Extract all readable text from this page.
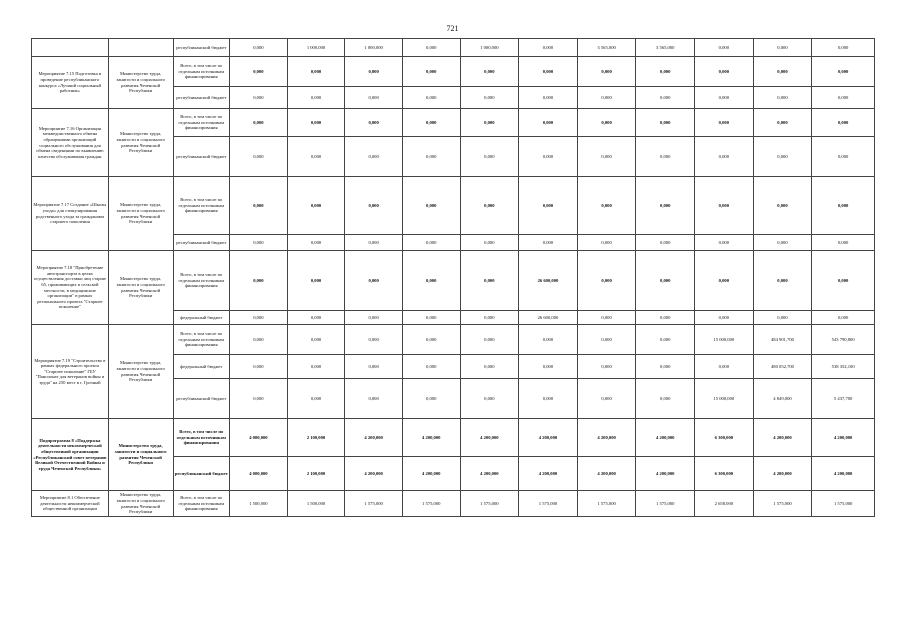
721
		республиканский бюджет	0,000	1 000,000	1 000,000	0,000	1 000,000	0,000	3 565,000	3 565,000	0,000	0,000	0,000
Мероприятие 7.15 Подготовка и проведение республиканского конкурса «Лучший социальный работник»	Министерство труда, занятости и социального развития Чеченской Республики	Всего, в том числе по отдельным источникам финансирования	0,000	0,000	0,000	0,000	0,000	0,000	0,000	0,000	0,000	0,000	0,000
		республиканский бюджет	0,000	0,000	0,000	0,000	0,000	0,000	0,000	0,000	0,000	0,000	0,000
Мероприятие 7.16 Организация межведомственного обмена обращениями организаций социального обслуживания для обмена сведениями по выявлению качества обслуживания граждан	Министерство труда, занятости и социального развития Чеченской Республики	Всего, в том числе по отдельным источникам финансирования	0,000	0,000	0,000	0,000	0,000	0,000	0,000	0,000	0,000	0,000	0,000
		республиканский бюджет	0,000	0,000	0,000	0,000	0,000	0,000	0,000	0,000	0,000	0,000	0,000
Мероприятие 7.17 Создание «Школы ухода» для стимулирования родственного ухода за гражданами старшего поколения	Министерство труда, занятости и социального развития Чеченской Республики	Всего, в том числе по отдельным источникам финансирования	0,000	0,000	0,000	0,000	0,000	0,000	0,000	0,000	0,000	0,000	0,000
		республиканский бюджет	0,000	0,000	0,000	0,000	0,000	0,000	0,000	0,000	0,000	0,000	0,000
Мероприятие 7.18 "Приобретение автотранспорта в целях осуществления доставки лиц старше 65, проживающих в сельской местности, в медицинские организации" в рамках регионального проекта "Старшее поколение"	Министерство труда, занятости и социального развития Чеченской Республики	Всего, в том числе по отдельным источникам финансирования	0,000	0,000	0,000	0,000	0,000	26 600,000	0,000	0,000	0,000	0,000	0,000
		федеральный бюджет	0,000	0,000	0,000	0,000	0,000	26 600,000	0,000	0,000	0,000	0,000	0,000
Мероприятие 7.19 "Строительство в рамках федерального проекта "Старшее поколение" ГБУ "Пансионат для ветеранов войны и труда" на 250 мест в г. Грозный	Министерство труда, занятости и социального развития Чеченской Республики	Всего, в том числе по отдельным источникам финансирования	0,000	0,000	0,000	0,000	0,000	0,000	0,000	0,000	15 000,000	484 901,700	543 790,800
		федеральный бюджет	0,000	0,000	0,000	0,000	0,000	0,000	0,000	0,000	0,000	480 052,700	538 352,100
		республиканский бюджет	0,000	0,000	0,000	0,000	0,000	0,000	0,000	0,000	15 000,000	4 849,000	5 437,700
Подпрограмма 8 «Поддержка деятельности некоммерческой общественной организации «Республиканский совет ветеранов Великой Отечественной Войны и труда Чеченской Республики»	Министерство труда, занятости и социального развития Чеченской Республики	Всего, в том числе по отдельным источникам финансирования	4 000,000	2 100,000	4 200,000	4 200,000	4 200,000	4 200,000	4 200,000	4 200,000	6 300,000	4 200,000	4 200,000
		республиканский бюджет	4 000,000	2 100,000	4 200,000	4 200,000	4 200,000	4 200,000	4 200,000	4 200,000	6 300,000	4 200,000	4 200,000
Мероприятие 8.1 Обеспечение деятельности некоммерческой общественной организации	Министерство труда, занятости и социального развития Чеченской Республики	Всего, в том числе по отдельным источникам финансирования	1 500,000	1 500,000	1 575,000	1 575,000	1 575,000	1 575,000	1 575,000	1 575,000	2 658,000	1 575,000	1 575,000
